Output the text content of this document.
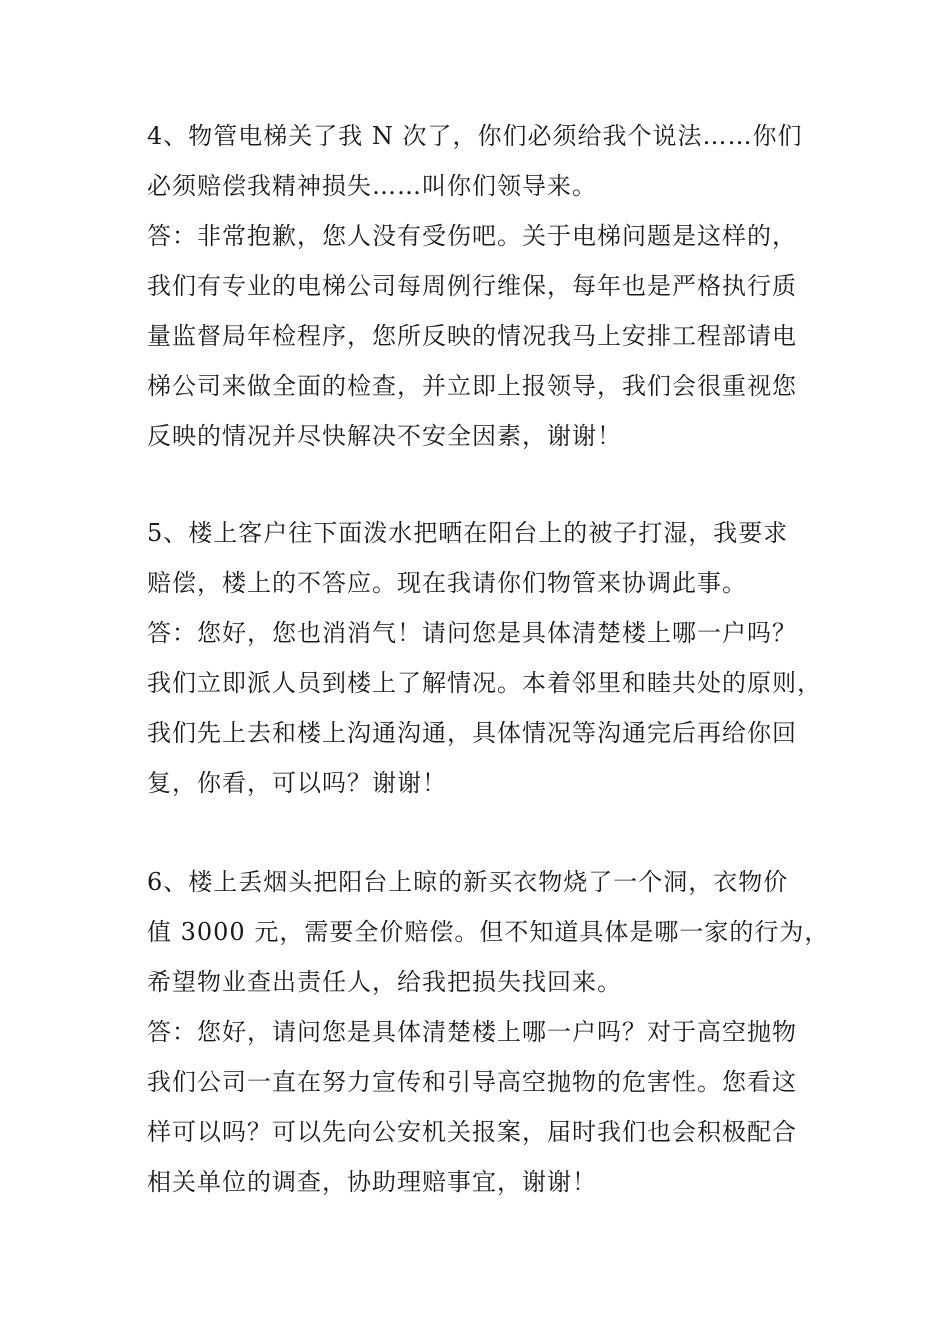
4、物管电梯关了我 N 次了，你们必须给我个说法……你们
必须赔偿我精神损失……叫你们领导来。
答：非常抱歉，您人没有受伤吧。关于电梯问题是这样的，
我们有专业的电梯公司每周例行维保，每年也是严格执行质
量监督局年检程序，您所反映的情况我马上安排工程部请电
梯公司来做全面的检查，并立即上报领导，我们会很重视您
反映的情况并尽快解决不安全因素，谢谢！
5、楼上客户往下面泼水把晒在阳台上的被子打湿，我要求
赔偿，楼上的不答应。现在我请你们物管来协调此事。
答：您好，您也消消气！请问您是具体清楚楼上哪一户吗？
我们立即派人员到楼上了解情况。本着邻里和睦共处的原则，
我们先上去和楼上沟通沟通，具体情况等沟通完后再给你回
复，你看，可以吗？谢谢！
6、楼上丢烟头把阳台上晾的新买衣物烧了一个洞，衣物价
值 3000 元，需要全价赔偿。但不知道具体是哪一家的行为，
希望物业查出责任人，给我把损失找回来。
答：您好，请问您是具体清楚楼上哪一户吗？对于高空抛物
我们公司一直在努力宣传和引导高空抛物的危害性。您看这
样可以吗？可以先向公安机关报案，届时我们也会积极配合
相关单位的调查，协助理赔事宜，谢谢！
